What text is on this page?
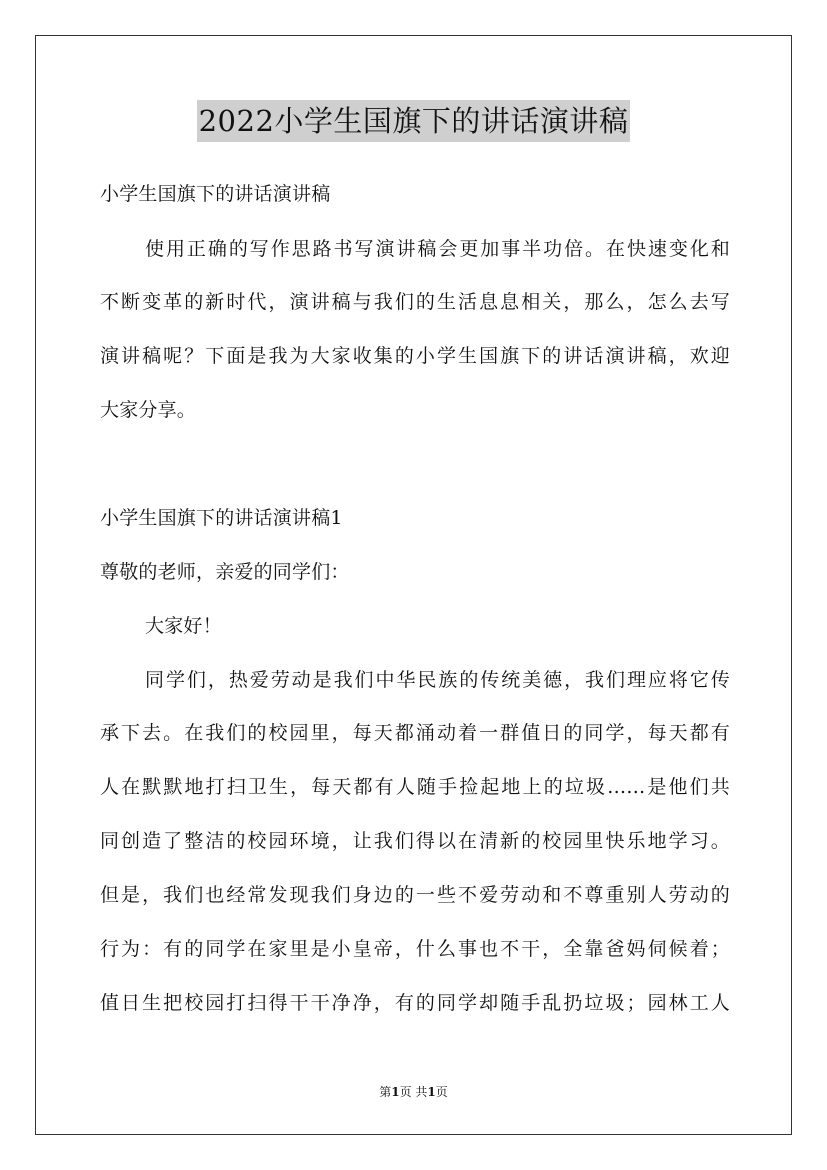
2022小学生国旗下的讲话演讲稿
小学生国旗下的讲话演讲稿
使用正确的写作思路书写演讲稿会更加事半功倍。在快速变化和
不断变革的新时代，演讲稿与我们的生活息息相关，那么，怎么去写
演讲稿呢？下面是我为大家收集的小学生国旗下的讲话演讲稿，欢迎
大家分享。
小学生国旗下的讲话演讲稿1
尊敬的老师，亲爱的同学们：
大家好！
同学们，热爱劳动是我们中华民族的传统美德，我们理应将它传
承下去。在我们的校园里，每天都涌动着一群值日的同学，每天都有
人在默默地打扫卫生，每天都有人随手捡起地上的垃圾……是他们共
同创造了整洁的校园环境，让我们得以在清新的校园里快乐地学习。
但是，我们也经常发现我们身边的一些不爱劳动和不尊重别人劳动的
行为：有的同学在家里是小皇帝，什么事也不干，全靠爸妈伺候着；
值日生把校园打扫得干干净净，有的同学却随手乱扔垃圾；园林工人
第1页 共1页
